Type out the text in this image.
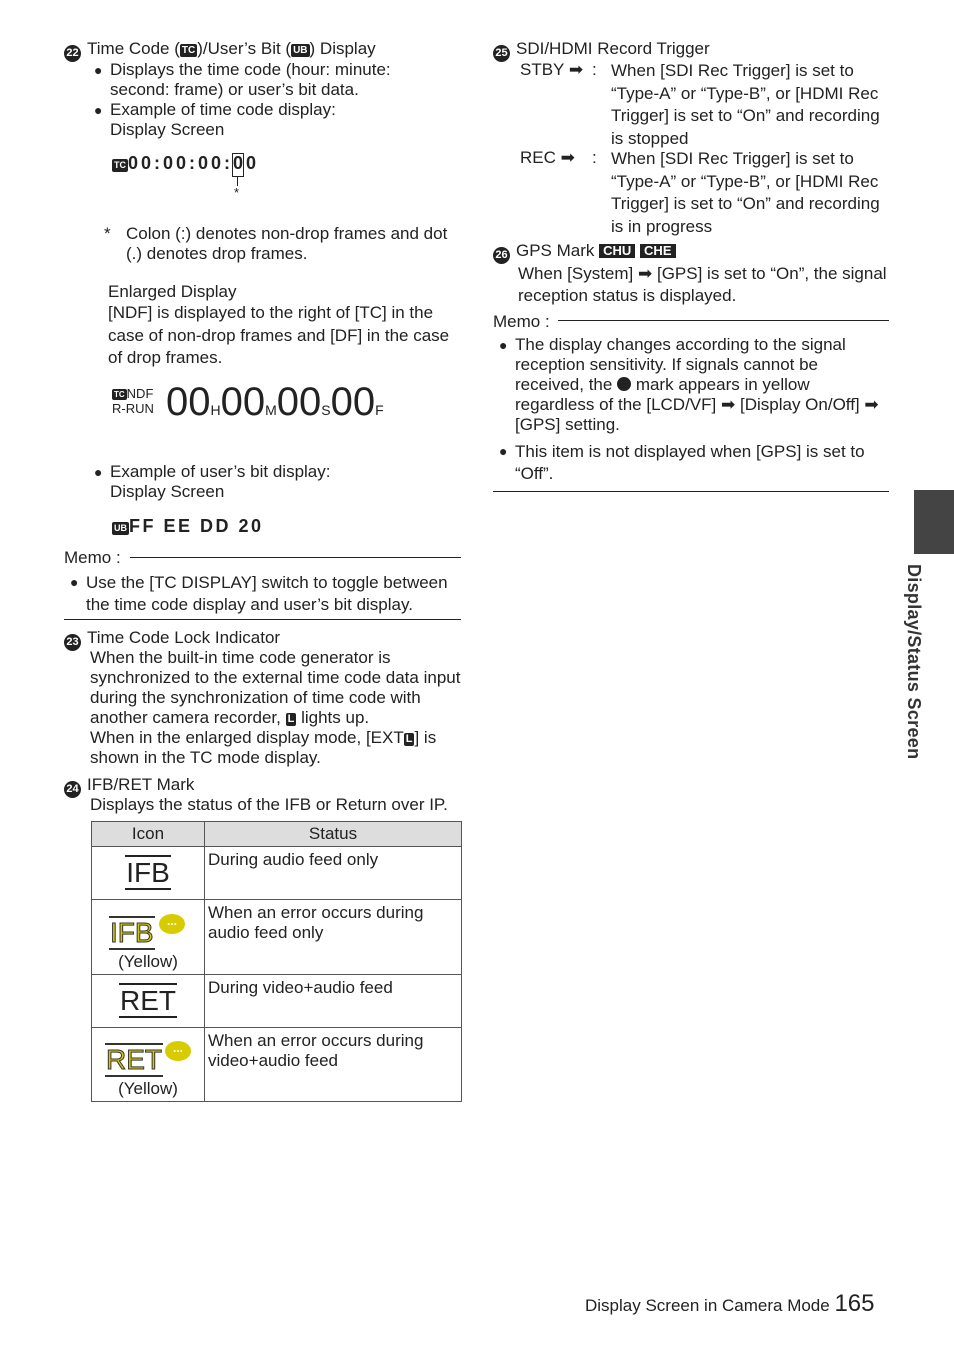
22 Time Code ( TC )/User’s Bit ( UB ) Display
● Displays the time code (hour: minute: second: frame) or user’s bit data.
● Example of time code display:
Display Screen
TC 00:00:00:00
*
* Colon (:) denotes non-drop frames and dot (.) denotes drop frames.
Enlarged Display
[NDF] is displayed to the right of [TC] in the case of non-drop frames and [DF] in the case of drop frames.
TC NDF
R-RUN 00H00M00S00F
● Example of user’s bit display:
Display Screen
UB FF EE DD 20
Memo :
● Use the [TC DISPLAY] switch to toggle between the time code display and user’s bit display.
23 Time Code Lock Indicator
When the built-in time code generator is synchronized to the external time code data input during the synchronization of time code with another camera recorder, L lights up.
When in the enlarged display mode, [EXT L ] is shown in the TC mode display.
24 IFB/RET Mark
Displays the status of the IFB or Return over IP.
Icon	Status
IFB	During audio feed only

IFB ...
(Yellow)	When an error occurs during audio feed only
RET	During video+audio feed

RET ...
(Yellow)	When an error occurs during video+audio feed
25 SDI/HDMI Record Trigger
STBY ➡ : When [SDI Rec Trigger] is set to “Type-A” or “Type-B”, or [HDMI Rec Trigger] is set to “On” and recording is stopped
REC ➡ : When [SDI Rec Trigger] is set to “Type-A” or “Type-B”, or [HDMI Rec Trigger] is set to “On” and recording is in progress
26 GPS Mark CHU CHE
When [System] ➡ [GPS] is set to “On”, the signal reception status is displayed.
Memo :
● The display changes according to the signal reception sensitivity. If signals cannot be received, the mark appears in yellow regardless of the [LCD/VF] ➡ [Display On/Off] ➡ [GPS] setting.
● This item is not displayed when [GPS] is set to “Off”.
Display/Status Screen
Display Screen in Camera Mode 165
